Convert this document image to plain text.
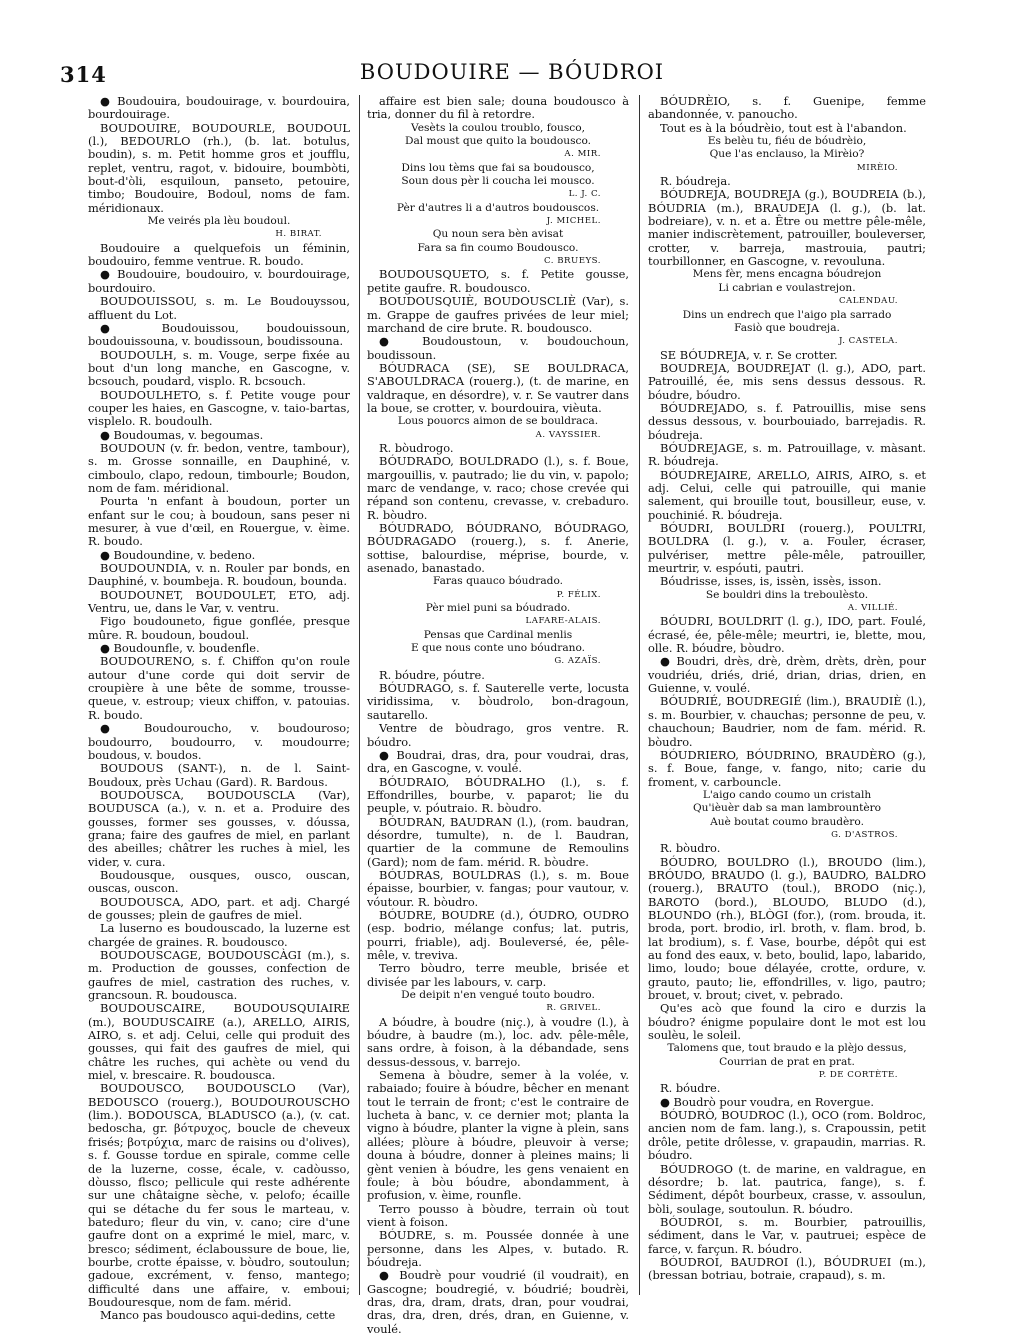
314	BOUDOUIRE — BÓUDROI

● Boudouira, boudouirage, v. bourdouira, bourdouirage.

BOUDOUIRE, BOUDOURLE, BOUDOUL (l.), BEDOURLO (rh.), (b. lat. botulus, boudin), s. m. Petit homme gros et joufflu, replet, ventru, ragot, v. bidouire, boumbòti, bout-d'òli, esquiloun, panseto, petouire, timbo; Boudouire, Bodoul, noms de fam. méridionaux.

Me veirés pla lèu boudoul.

H. BIRAT.

Boudouire a quelquefois un féminin, boudouiro, femme ventrue. R. boudo.

● Boudouire, boudouiro, v. bourdouirage, bourdouiro.

BOUDOUISSOU, s. m. Le Boudouyssou, affluent du Lot.

● Boudouissou, boudouissoun, boudouissouna, v. boudissoun, boudissouna.

BOUDOULH, s. m. Vouge, serpe fixée au bout d'un long manche, en Gascogne, v. bcsouch, poudard, visplo. R. bcsouch.

BOUDOULHETO, s. f. Petite vouge pour couper les haies, en Gascogne, v. taio-bartas, visplelo. R. boudoulh.

● Boudoumas, v. begoumas.

BOUDOUN (v. fr. bedon, ventre, tambour), s. m. Grosse sonnaille, en Dauphiné, v. cimboulo, clapo, redoun, timbourle; Boudon, nom de fam. méridional.

Pourta 'n enfant à boudoun, porter un enfant sur le cou; à boudoun, sans peser ni mesurer, à vue d'œil, en Rouergue, v. èime. R. boudo.

● Boudoundine, v. bedeno.

BOUDOUNDIA, v. n. Rouler par bonds, en Dauphiné, v. boumbeja. R. boudoun, bounda.

BOUDOUNET, BOUDOULET, ETO, adj. Ventru, ue, dans le Var, v. ventru.

Figo boudouneto, figue gonflée, presque mûre. R. boudoun, boudoul.

● Boudounfle, v. boudenfle.

BOUDOURENO, s. f. Chiffon qu'on roule autour d'une corde qui doit servir de croupière à une bête de somme, trousse-queue, v. estroup; vieux chiffon, v. patouias. R. boudo.

● Boudouroucho, v. boudouroso; boudourro, boudourro, v. moudourre; boudous, v. boudos.

BOUDOUS (SANT-), n. de l. Saint-Boudoux, près Uchau (Gard). R. Bardous.

BOUDOUSCA, BOUDOUSCLA (Var), BOUDUSCA (a.), v. n. et a. Produire des gousses, former ses gousses, v. dóussa, grana; faire des gaufres de miel, en parlant des abeilles; châtrer les ruches à miel, les vider, v. cura.

Boudousque, ousques, ousco, ouscan, ouscas, ouscon.

BOUDOUSCA, ADO, part. et adj. Chargé de gousses; plein de gaufres de miel.

La luserno es boudouscado, la luzerne est chargée de graines. R. boudousco.

BOUDOUSCAGE, BOUDOUSCÀGI (m.), s. m. Production de gousses, confection de gaufres de miel, castration des ruches, v. grancsoun. R. boudousca.

BOUDOUSCAIRE, BOUDOUSQUIAIRE (m.), BOUDUSCAIRE (a.), ARELLO, AIRIS, AIRO, s. et adj. Celui, celle qui produit des gousses, qui fait des gaufres de miel, qui châtre les ruches, qui achète ou vend du miel, v. brescaire. R. boudousca.

BOUDOUSCO, BOUDOUSCLO (Var), BEDOUSCO (rouerg.), BOUDOUROUSCHO (lim.). BODOUSCA, BLADUSCO (a.), (v. cat. bedoscha, gr. βότρυχος, boucle de cheveux frisés; βοτρύχια, marc de raisins ou d'olives), s. f. Gousse tordue en spirale, comme celle de la luzerne, cosse, écale, v. cadòusso, dòusso, flsco; pellicule qui reste adhérente sur une châtaigne sèche, v. pelofo; écaille qui se détache du fer sous le marteau, v. bateduro; fleur du vin, v. cano; cire d'une gaufre dont on a exprimé le miel, marc, v. bresco; sédiment, éclaboussure de boue, lie, bourbe, crotte épaisse, v. bòudro, soutoulun; gadoue, excrément, v. fenso, mantego; difficulté dans une affaire, v. emboui; Boudouresque, nom de fam. mérid.

Manco pas boudousco aqui-dedins, cette

affaire est bien sale; douna boudousco à tria, donner du fil à retordre.

Vesèts la coulou troublo, fousco,

Dal moust que quito la boudousco.

A. MIR.

Dins lou tèms que fai sa boudousco,

Soun dous pèr li coucha lei mousco.

L. J. C.

Pèr d'autres li a d'autros boudouscos.

J. MICHEL.

Qu noun sera bèn avisat

Fara sa fin coumo Boudousco.

C. BRUEYS.

BOUDOUSQUETO, s. f. Petite gousse, petite gaufre. R. boudousco.

BOUDOUSQUIÈ, BOUDOUSCLIÈ (Var), s. m. Grappe de gaufres privées de leur miel; marchand de cire brute. R. boudousco.

● Boudoustoun, v. boudouchoun, boudissoun.

BÓUDRACA (SE), SE BOULDRACA, S'ABOULDRACA (rouerg.), (t. de marine, en valdraque, en désordre), v. r. Se vautrer dans la boue, se crotter, v. bourdouira, vièuta.

Lous pouorcs aimon de se bouldraca.

A. VAYSSIER.

R. bòudrogo.

BÓUDRADO, BOULDRADO (l.), s. f. Boue, margouillis, v. pautrado; lie du vin, v. papolo; marc de vendange, v. raco; chose crevée qui répand son contenu, crevasse, v. crebaduro. R. bòudro.

BÓUDRADO, BÓUDRANO, BÓUDRAGO, BÓUDRAGADO (rouerg.), s. f. Anerie, sottise, balourdise, méprise, bourde, v. asenado, banastado.

Faras quauco bóudrado.

P. FÉLIX.

Pèr miel puni sa bóudrado.

LAFARE-ALAIS.

Pensas que Cardinal menlis

E que nous conte uno bóudrano.

G. AZAÏS.

R. bóudre, póutre.

BÓUDRAGO, s. f. Sauterelle verte, locusta viridissima, v. bòudrolo, bon-dragoun, sautarello.

Ventre de bòudrago, gros ventre. R. bóudro.

● Boudrai, dras, dra, pour voudrai, dras, dra, en Gascogne, v. voulé.

BÓUDRAIO, BÓUDRALHO (l.), s. f. Effondrilles, bourbe, v. paparot; lie du peuple, v. póutraio. R. bòudro.

BÓUDRAN, BAUDRAN (l.), (rom. baudran, désordre, tumulte), n. de l. Baudran, quartier de la commune de Remoulins (Gard); nom de fam. mérid. R. bòudre.

BÓUDRAS, BOULDRAS (l.), s. m. Boue épaisse, bourbier, v. fangas; pour vautour, v. vóutour. R. bòudro.

BÓUDRE, BOUDRE (d.), ÓUDRO, OUDRO (esp. bodrio, mélange confus; lat. putris, pourri, friable), adj. Bouleversé, ée, pêle-mêle, v. treviva.

Terro bòudro, terre meuble, brisée et divisée par les labours, v. carp.

De deipit n'en vengué touto boudro.

R. GRIVEL.

A bóudre, à boudre (niç.), à voudre (l.), à bóudre, à baudre (m.), loc. adv. pêle-mêle, sans ordre, à foison, à la débandade, sens dessus-dessous, v. barrejo.

Semena à bòudre, semer à la volée, v. rabaiado; fouire à bóudre, bêcher en menant tout le terrain de front; c'est le contraire de lucheta à banc, v. ce dernier mot; planta la vigno à bóudre, planter la vigne à plein, sans allées; plòure à bóudre, pleuvoir à verse; douna à bóudre, donner à pleines mains; li gènt venien à bóudre, les gens venaient en foule; à bòu bóudre, abondamment, à profusion, v. èime, rounfle.

Terro pousso à bòudre, terrain où tout vient à foison.

BÓUDRE, s. m. Poussée donnée à une personne, dans les Alpes, v. butado. R. bóudreja.

● Boudrè pour voudrié (il voudrait), en Gascogne; boudregié, v. bóudrié; boudrèi, dras, dra, dram, drats, dran, pour voudrai, dras, dra, dren, drés, dran, en Guienne, v. voulé.

BÓUDRÈIO, s. f. Guenipe, femme abandonnée, v. panoucho.

Tout es à la bóudrèio, tout est à l'abandon.

Es belèu tu, fiéu de bóudrèio,

Que l'as enclauso, la Mirèio?

MIRÈIO.

R. bóudreja.

BÓUDREJA, BOUDREJA (g.), BOUDREIA (b.), BÓUDRIA (m.), BRAUDEJA (l. g.), (b. lat. bodreiare), v. n. et a. Être ou mettre pêle-mêle, manier indiscrètement, patrouiller, bouleverser, crotter, v. barreja, mastrouia, pautri; tourbillonner, en Gascogne, v. revouluna.

Mens fèr, mens encagna bóudrejon

Li cabrian e voulastrejon.

CALENDAU.

Dins un endrech que l'aigo pla sarrado

Fasiò que boudreja.

J. CASTELA.

SE BÓUDREJA, v. r. Se crotter.

BOUDREJA, BOUDREJAT (l. g.), ADO, part. Patrouillé, ée, mis sens dessus dessous. R. bóudre, bóudro.

BÓUDREJADO, s. f. Patrouillis, mise sens dessus dessous, v. bourbouiado, barrejadis. R. bóudreja.

BÓUDREJAGE, s. m. Patrouillage, v. màsant. R. bóudreja.

BÓUDREJAIRE, ARELLO, AIRIS, AIRO, s. et adj. Celui, celle qui patrouille, qui manie salement, qui brouille tout, bousilleur, euse, v. pouchinié. R. bóudreja.

BÓUDRI, BOULDRI (rouerg.), POULTRI, BOULDRA (l. g.), v. a. Fouler, écraser, pulvériser, mettre pêle-mêle, patrouiller, meurtrir, v. espóuti, pautri.

Bóudrisse, isses, is, issèn, issès, isson.

Se bouldri dins la treboulèsto.

A. VILLIÉ.

BÓUDRI, BOULDRIT (l. g.), IDO, part. Foulé, écrasé, ée, pêle-mêle; meurtri, ie, blette, mou, olle. R. bóudre, bòudro.

● Boudri, drès, drè, drèm, drèts, drèn, pour voudriéu, driés, drié, drian, drias, drien, en Guienne, v. voulé.

BÓUDRIÉ, BOUDREGIÉ (lim.), BRAUDIÈ (l.), s. m. Bourbier, v. chauchas; personne de peu, v. chauchoun; Baudrier, nom de fam. mérid. R. bòudro.

BÓUDRIERO, BÓUDRINO, BRAUDÈRO (g.), s. f. Boue, fange, v. fango, nito; carie du froment, v. carbouncle.

L'aigo cando coumo un cristalh

Qu'ièuèr dab sa man lambrountèro

Auè boutat coumo braudèro.

G. D'ASTROS.

R. bòudro.

BÓUDRO, BOULDRO (l.), BROUDO (lim.), BRÓUDO, BRAUDO (l. g.), BAUDRO, BALDRO (rouerg.), BRAUTO (toul.), BRODO (niç.), BAROTO (bord.), BLOUDO, BLUDO (d.), BLOUNDO (rh.), BLÒGI (for.), (rom. brouda, it. broda, port. brodio, irl. broth, v. flam. brod, b. lat brodium), s. f. Vase, bourbe, dépôt qui est au fond des eaux, v. beto, boulid, lapo, labarido, limo, loudo; boue délayée, crotte, ordure, v. grauto, pauto; lie, effondrilles, v. ligo, pautro; brouet, v. brout; civet, v. pebrado.

Qu'es acò que found la ciro e durzis la bóudro? énigme populaire dont le mot est lou soulèu, le soleil.

Talomens que, tout braudo e la plèjo dessus,

Courrian de prat en prat.

P. DE CORTÈTE.

R. bóudre.

● Boudrò pour voudra, en Rovergue.

BÓUDRÒ, BOUDROC (l.), OCO (rom. Boldroc, ancien nom de fam. lang.), s. Crapoussin, petit drôle, petite drôlesse, v. grapaudin, marrias. R. bóudro.

BÓUDROGO (t. de marine, en valdrague, en désordre; b. lat. pautrica, fange), s. f. Sédiment, dépôt bourbeux, crasse, v. assoulun, bòli, soulage, soutoulun. R. bóudro.

BÓUDROI, s. m. Bourbier, patrouillis, sédiment, dans le Var, v. pautruei; espèce de farce, v. farçun. R. bóudro.

BÓUDROI, BAUDROI (l.), BÓUDRUEI (m.), (bressan botriau, botraie, crapaud), s. m.
